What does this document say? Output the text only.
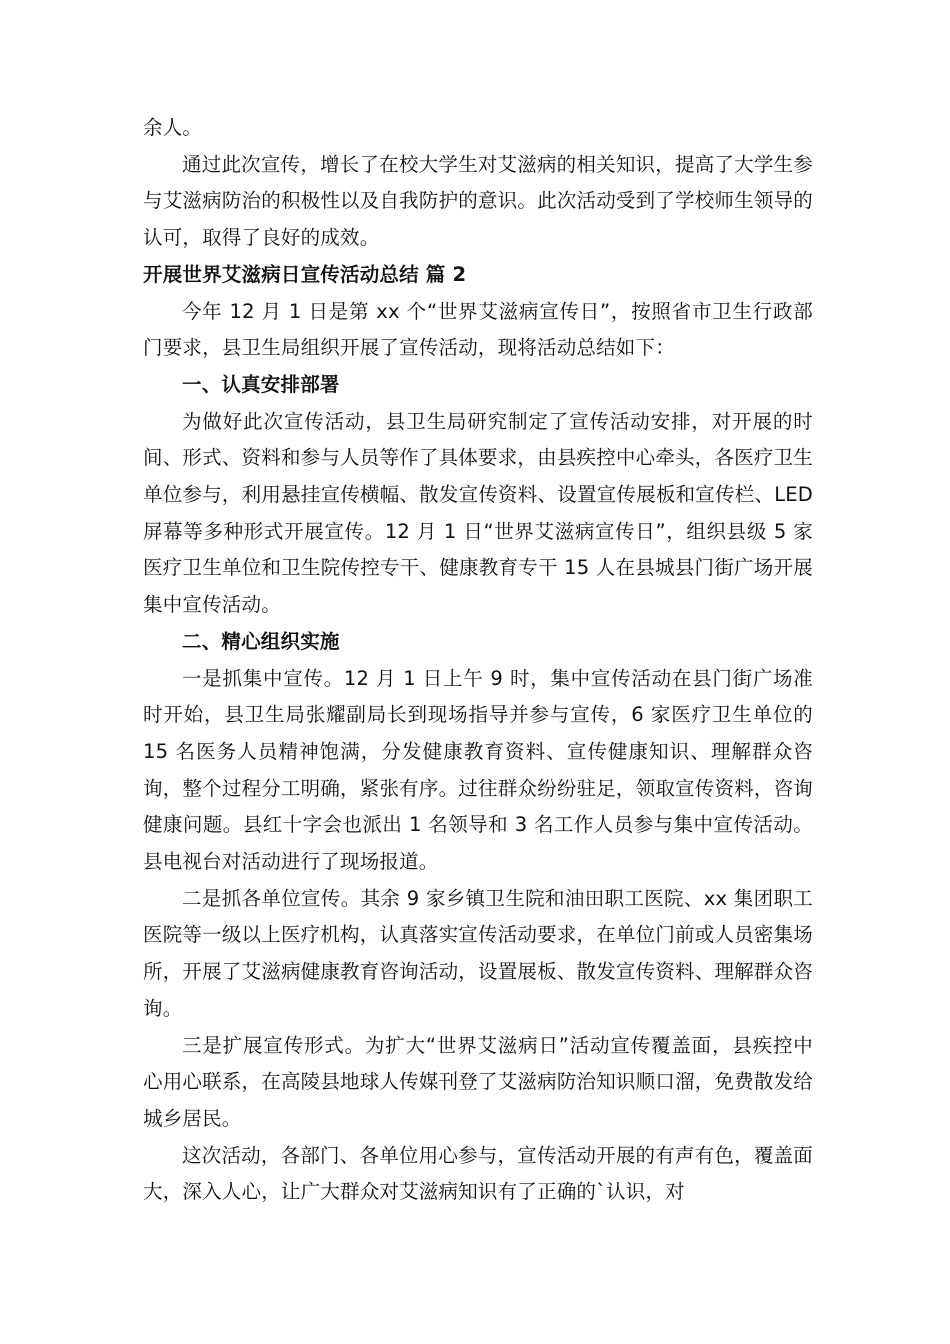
余人。

通过此次宣传，增长了在校大学生对艾滋病的相关知识，提高了大学生参与艾滋病防治的积极性以及自我防护的意识。此次活动受到了学校师生领导的认可，取得了良好的成效。

开展世界艾滋病日宣传活动总结 篇 2

今年 12 月 1 日是第 xx 个“世界艾滋病宣传日”，按照省市卫生行政部门要求，县卫生局组织开展了宣传活动，现将活动总结如下：

一、认真安排部署

为做好此次宣传活动，县卫生局研究制定了宣传活动安排，对开展的时间、形式、资料和参与人员等作了具体要求，由县疾控中心牵头，各医疗卫生单位参与，利用悬挂宣传横幅、散发宣传资料、设置宣传展板和宣传栏、LED 屏幕等多种形式开展宣传。12 月 1 日“世界艾滋病宣传日”，组织县级 5 家医疗卫生单位和卫生院传控专干、健康教育专干 15 人在县城县门街广场开展集中宣传活动。

二、精心组织实施

一是抓集中宣传。12 月 1 日上午 9 时，集中宣传活动在县门街广场准时开始，县卫生局张耀副局长到现场指导并参与宣传，6 家医疗卫生单位的 15 名医务人员精神饱满，分发健康教育资料、宣传健康知识、理解群众咨询，整个过程分工明确，紧张有序。过往群众纷纷驻足，领取宣传资料，咨询健康问题。县红十字会也派出 1 名领导和 3 名工作人员参与集中宣传活动。县电视台对活动进行了现场报道。

二是抓各单位宣传。其余 9 家乡镇卫生院和油田职工医院、xx 集团职工医院等一级以上医疗机构，认真落实宣传活动要求，在单位门前或人员密集场所，开展了艾滋病健康教育咨询活动，设置展板、散发宣传资料、理解群众咨询。

三是扩展宣传形式。为扩大“世界艾滋病日”活动宣传覆盖面，县疾控中心用心联系，在高陵县地球人传媒刊登了艾滋病防治知识顺口溜，免费散发给城乡居民。

这次活动，各部门、各单位用心参与，宣传活动开展的有声有色，覆盖面大，深入人心，让广大群众对艾滋病知识有了正确的`认识，对
